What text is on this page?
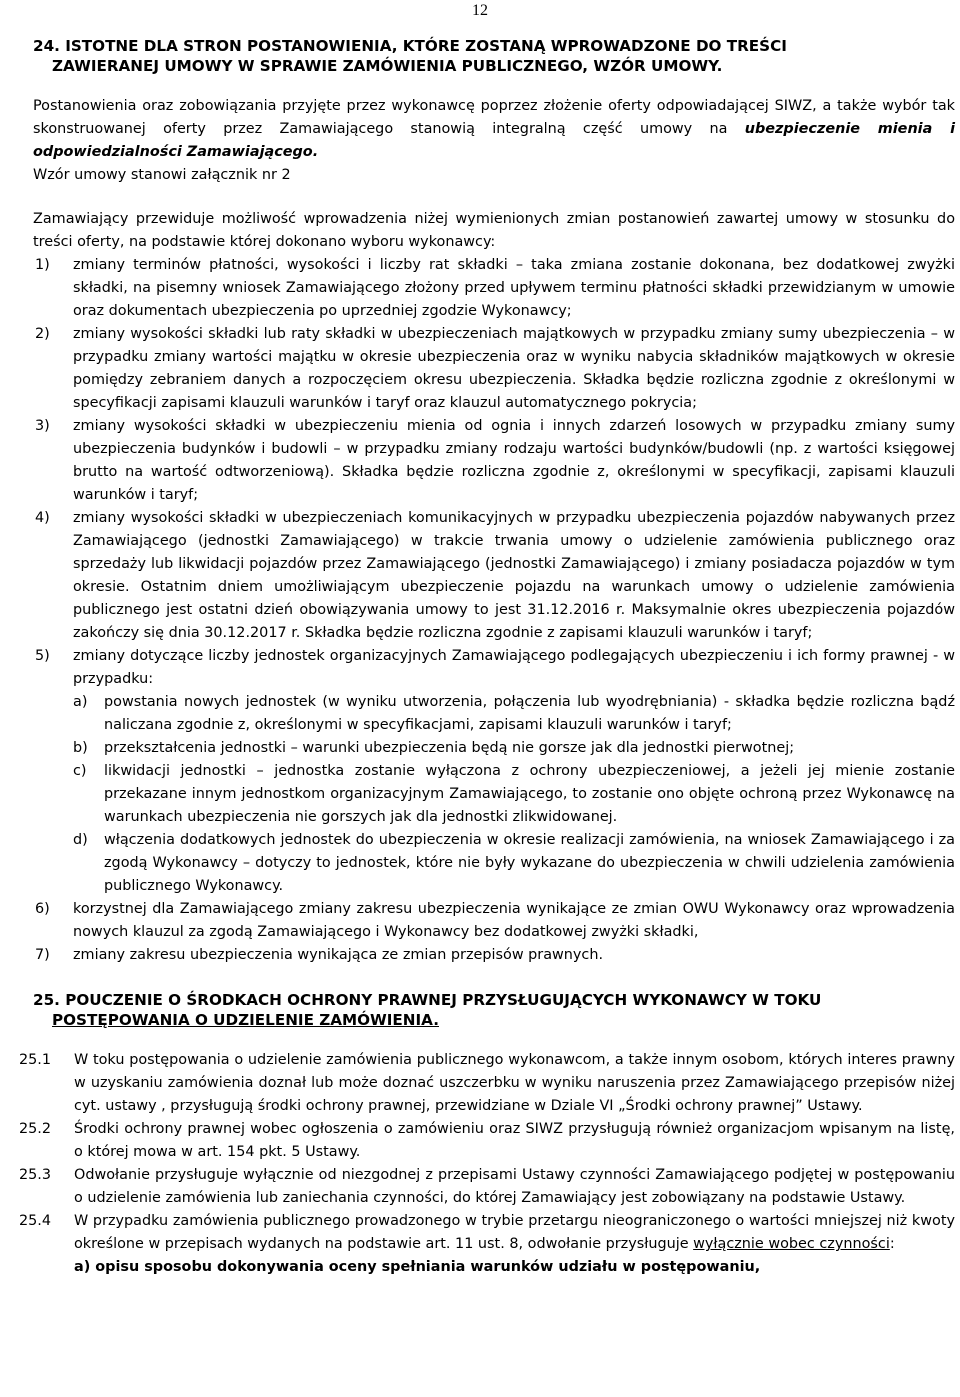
12

24. ISTOTNE DLA STRON POSTANOWIENIA, KTÓRE ZOSTANĄ WPROWADZONE DO TREŚCI
ZAWIERANEJ UMOWY W SPRAWIE ZAMÓWIENIA PUBLICZNEGO, WZÓR UMOWY.

Postanowienia oraz zobowiązania przyjęte przez wykonawcę poprzez złożenie oferty odpowiadającej SIWZ, a także wybór tak skonstruowanej oferty przez Zamawiającego stanowią integralną część umowy na ubezpieczenie mienia i odpowiedzialności Zamawiającego.

Wzór umowy stanowi załącznik nr 2

Zamawiający przewiduje możliwość wprowadzenia niżej wymienionych zmian postanowień zawartej umowy w stosunku do treści oferty, na podstawie której dokonano wyboru wykonawcy:

1) zmiany terminów płatności, wysokości i liczby rat składki – taka zmiana zostanie dokonana, bez dodatkowej zwyżki składki, na pisemny wniosek Zamawiającego złożony przed upływem terminu płatności składki przewidzianym w umowie oraz dokumentach ubezpieczenia po uprzedniej zgodzie Wykonawcy;
2) zmiany wysokości składki lub raty składki w ubezpieczeniach majątkowych w przypadku zmiany sumy ubezpieczenia – w przypadku zmiany wartości majątku w okresie ubezpieczenia oraz w wyniku nabycia składników majątkowych w okresie pomiędzy zebraniem danych a rozpoczęciem okresu ubezpieczenia. Składka będzie rozliczna zgodnie z określonymi w specyfikacji zapisami klauzuli warunków i taryf oraz klauzul automatycznego pokrycia;
3) zmiany wysokości składki w ubezpieczeniu mienia od ognia i innych zdarzeń losowych w przypadku zmiany sumy ubezpieczenia budynków i budowli – w przypadku zmiany rodzaju wartości budynków/budowli (np. z wartości księgowej brutto na wartość odtworzeniową). Składka będzie rozliczna zgodnie z, określonymi w specyfikacji, zapisami klauzuli warunków i taryf;
4) zmiany wysokości składki w ubezpieczeniach komunikacyjnych w przypadku ubezpieczenia pojazdów nabywanych przez Zamawiającego (jednostki Zamawiającego) w trakcie trwania umowy o udzielenie zamówienia publicznego oraz sprzedaży lub likwidacji pojazdów przez Zamawiającego (jednostki Zamawiającego) i zmiany posiadacza pojazdów w tym okresie. Ostatnim dniem umożliwiającym ubezpieczenie pojazdu na warunkach umowy o udzielenie zamówienia publicznego jest ostatni dzień obowiązywania umowy to jest 31.12.2016 r. Maksymalnie okres ubezpieczenia pojazdów zakończy się dnia 30.12.2017 r. Składka będzie rozliczna zgodnie z zapisami klauzuli warunków i taryf;
5) zmiany dotyczące liczby jednostek organizacyjnych Zamawiającego podlegających ubezpieczeniu i ich formy prawnej - w przypadku:
a) powstania nowych jednostek (w wyniku utworzenia, połączenia lub wyodrębniania) - składka będzie rozliczna bądź naliczana zgodnie z, określonymi w specyfikacjami, zapisami klauzuli warunków i taryf;
b) przekształcenia jednostki – warunki ubezpieczenia będą nie gorsze jak dla jednostki pierwotnej;
c) likwidacji jednostki – jednostka zostanie wyłączona z ochrony ubezpieczeniowej, a jeżeli jej mienie zostanie przekazane innym jednostkom organizacyjnym Zamawiającego, to zostanie ono objęte ochroną przez Wykonawcę na warunkach ubezpieczenia nie gorszych jak dla jednostki zlikwidowanej.
d) włączenia dodatkowych jednostek do ubezpieczenia w okresie realizacji zamówienia, na wniosek Zamawiającego i za zgodą Wykonawcy – dotyczy to jednostek, które nie były wykazane do ubezpieczenia w chwili udzielenia zamówienia publicznego Wykonawcy.
6) korzystnej dla Zamawiającego zmiany zakresu ubezpieczenia wynikające ze zmian OWU Wykonawcy oraz wprowadzenia nowych klauzul za zgodą Zamawiającego i Wykonawcy bez dodatkowej zwyżki składki,
7) zmiany zakresu ubezpieczenia wynikająca ze zmian przepisów prawnych.

25. POUCZENIE O ŚRODKACH OCHRONY PRAWNEJ PRZYSŁUGUJĄCYCH WYKONAWCY W TOKU
POSTĘPOWANIA O UDZIELENIE ZAMÓWIENIA.

25.1 W toku postępowania o udzielenie zamówienia publicznego wykonawcom, a także innym osobom, których interes prawny w uzyskaniu zamówienia doznał lub może doznać uszczerbku w wyniku naruszenia przez Zamawiającego przepisów niżej cyt. ustawy , przysługują środki ochrony prawnej, przewidziane w Dziale VI „Środki ochrony prawnej” Ustawy.
25.2 Środki ochrony prawnej wobec ogłoszenia o zamówieniu oraz SIWZ przysługują również organizacjom wpisanym na listę, o której mowa w art. 154 pkt. 5 Ustawy.
25.3 Odwołanie przysługuje wyłącznie od niezgodnej z przepisami Ustawy czynności Zamawiającego podjętej w postępowaniu o udzielenie zamówienia lub zaniechania czynności, do której Zamawiający jest zobowiązany na podstawie Ustawy.
25.4 W przypadku zamówienia publicznego prowadzonego w trybie przetargu nieograniczonego o wartości mniejszej niż kwoty określone w przepisach wydanych na podstawie art. 11 ust. 8, odwołanie przysługuje wyłącznie wobec czynności:
a) opisu sposobu dokonywania oceny spełniania warunków udziału w postępowaniu,
